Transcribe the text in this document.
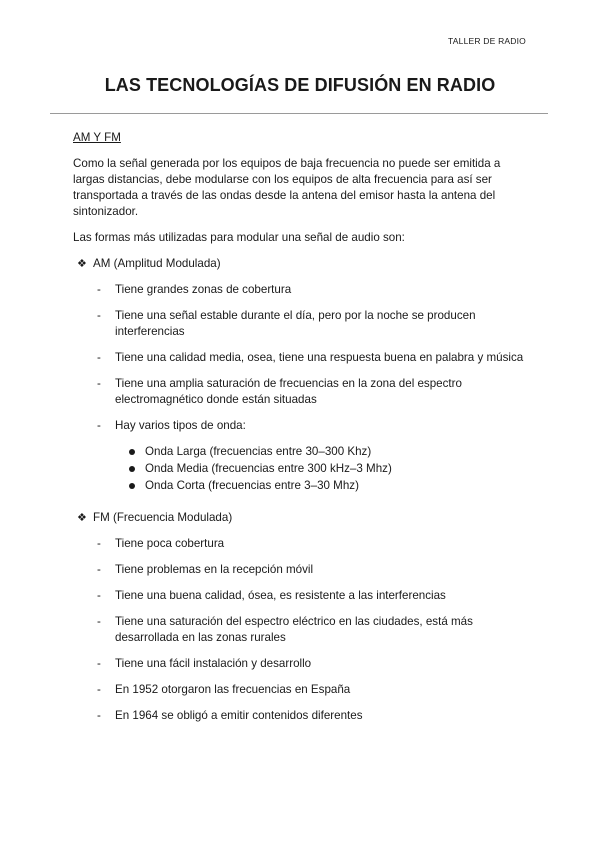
TALLER DE RADIO
LAS TECNOLOGÍAS DE DIFUSIÓN EN RADIO

AM Y FM

Como la señal generada por los equipos de baja frecuencia no puede ser emitida a largas distancias, debe modularse con los equipos de alta frecuencia para así ser transportada a través de las ondas desde la antena del emisor hasta la antena del sintonizador.

Las formas más utilizadas para modular una señal de audio son:

❖ AM (Amplitud Modulada)
- Tiene grandes zonas de cobertura
- Tiene una señal estable durante el día, pero por la noche se producen interferencias
- Tiene una calidad media, osea, tiene una respuesta buena en palabra y música
- Tiene una amplia saturación de frecuencias en la zona del espectro electromagnético donde están situadas
- Hay varios tipos de onda:
Onda Larga (frecuencias entre 30–300 Khz)
Onda Media (frecuencias entre 300 kHz–3 Mhz)
Onda Corta (frecuencias entre 3–30 Mhz)
❖ FM (Frecuencia Modulada)
- Tiene poca cobertura
- Tiene problemas en la recepción móvil
- Tiene una buena calidad, ósea, es resistente a las interferencias
- Tiene una saturación del espectro eléctrico en las ciudades, está más desarrollada en las zonas rurales
- Tiene una fácil instalación y desarrollo
- En 1952 otorgaron las frecuencias en España
- En 1964 se obligó a emitir contenidos diferentes
